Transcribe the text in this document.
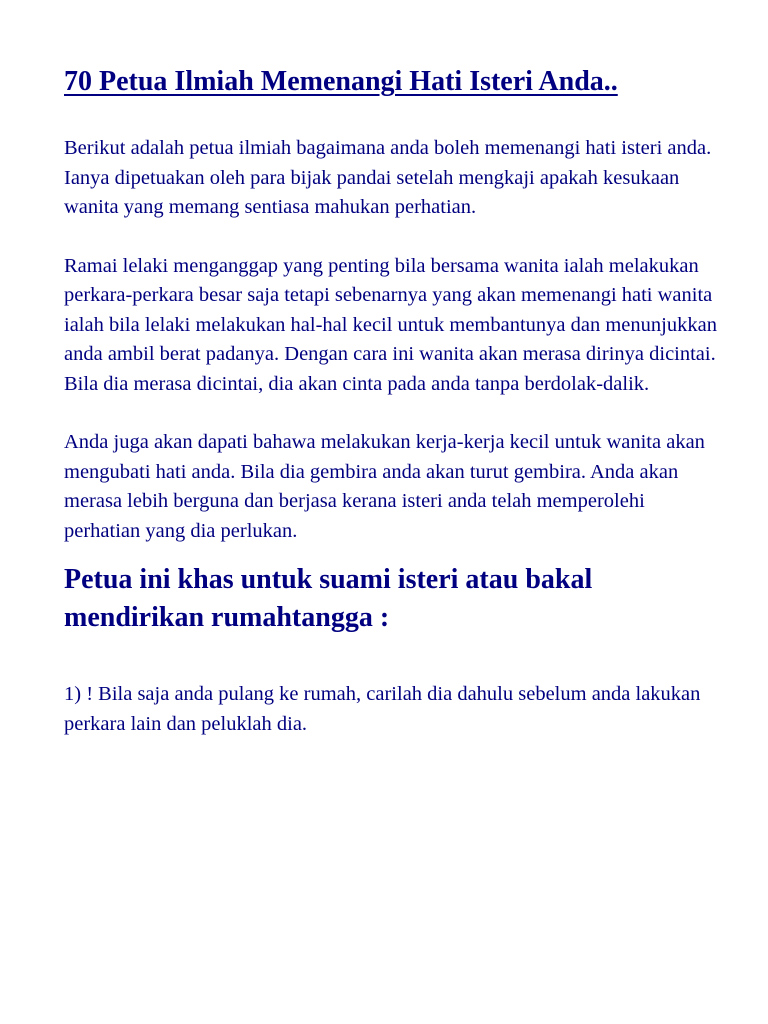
70 Petua Ilmiah Memenangi Hati Isteri Anda..

Berikut adalah petua ilmiah bagaimana anda boleh memenangi hati isteri anda. Ianya dipetuakan oleh para bijak pandai setelah mengkaji apakah kesukaan wanita yang memang sentiasa mahukan perhatian.

Ramai lelaki menganggap yang penting bila bersama wanita ialah melakukan perkara-perkara besar saja tetapi sebenarnya yang akan memenangi hati wanita ialah bila lelaki melakukan hal-hal kecil untuk membantunya dan menunjukkan anda ambil berat padanya. Dengan cara ini wanita akan merasa dirinya dicintai. Bila dia merasa dicintai, dia akan cinta pada anda tanpa berdolak-dalik.

Anda juga akan dapati bahawa melakukan kerja-kerja kecil untuk wanita akan mengubati hati anda. Bila dia gembira anda akan turut gembira. Anda akan merasa lebih berguna dan berjasa kerana isteri anda telah memperolehi perhatian yang dia perlukan.

Petua ini khas untuk suami isteri atau bakal mendirikan rumahtangga :

1) ! Bila saja anda pulang ke rumah, carilah dia dahulu sebelum anda lakukan perkara lain dan peluklah dia.
